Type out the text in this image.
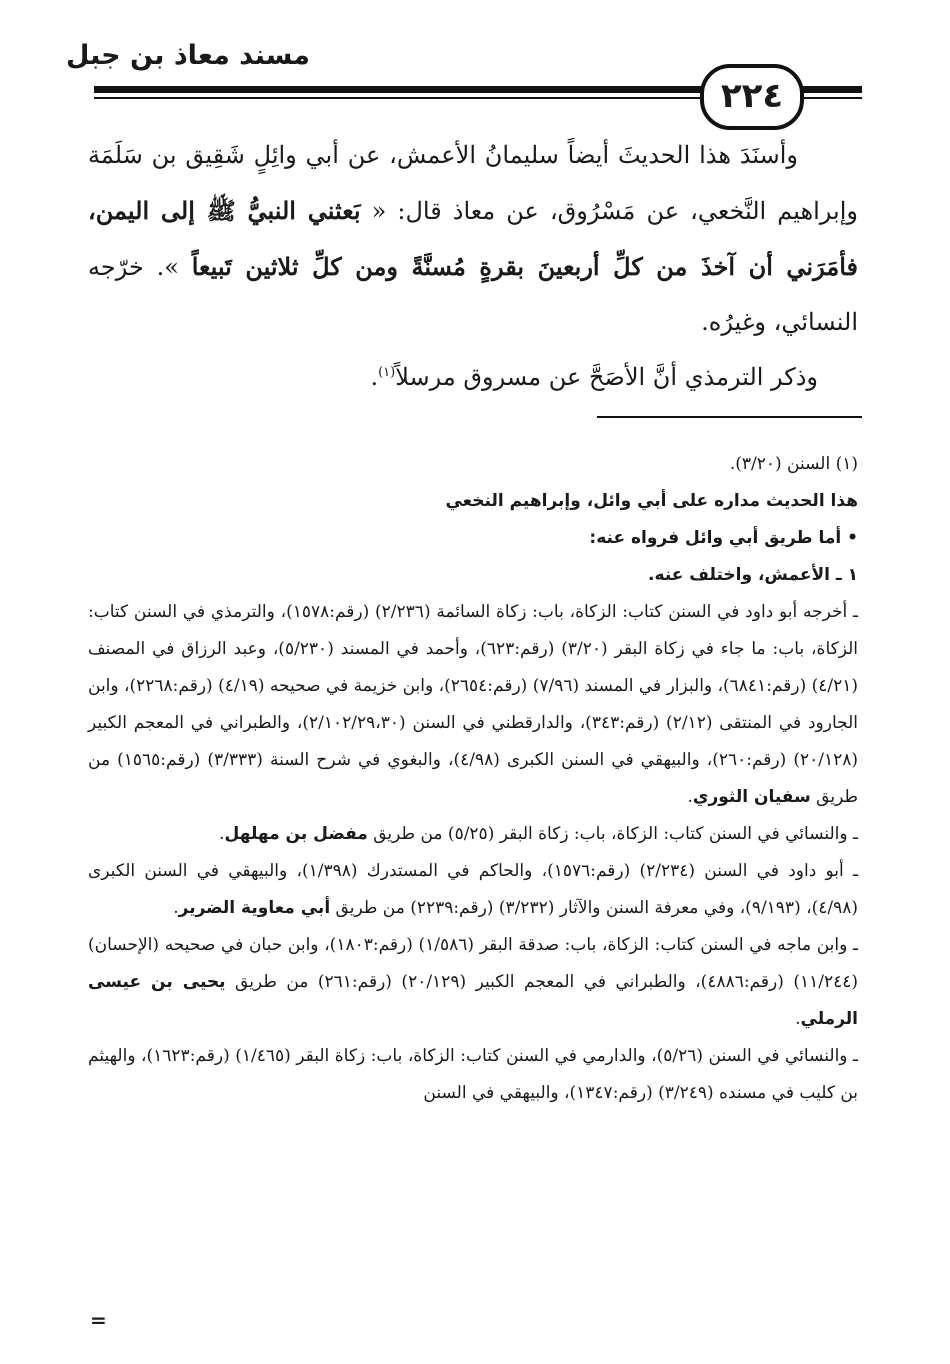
مسند معاذ بن جبل
٢٢٤

وأسنَدَ هذا الحديثَ أيضاً سليمانُ الأعمش، عن أبي وائِلٍ شَقِيق بن سَلَمَة وإبراهيم النَّخعي، عن مَسْرُوق، عن معاذ قال: « بَعثني النبيُّ ﷺ إلى اليمن، فأمَرَني أن آخذَ من كلِّ أربعينَ بقرةٍ مُسنَّةً ومن كلِّ ثلاثين تَبيعاً ». خرّجه النسائي، وغيرُه.

وذكر الترمذي أنَّ الأصَحَّ عن مسروق مرسلاً$^{(١)}$.

(١) السنن (٣/٢٠).

هذا الحديث مداره على أبي وائل، وإبراهيم النخعي

• أما طريق أبي وائل فرواه عنه:

١ ـ الأعمش، واختلف عنه.

ـ أخرجه أبو داود في السنن كتاب: الزكاة، باب: زكاة السائمة (٢/٢٣٦) (رقم:١٥٧٨)، والترمذي في السنن كتاب: الزكاة، باب: ما جاء في زكاة البقر (٣/٢٠) (رقم:٦٢٣)، وأحمد في المسند (٥/٢٣٠)، وعبد الرزاق في المصنف (٤/٢١) (رقم:٦٨٤١)، والبزار في المسند (٧/٩٦) (رقم:٢٦٥٤)، وابن خزيمة في صحيحه (٤/١٩) (رقم:٢٢٦٨)، وابن الجارود في المنتقى (٢/١٢) (رقم:٣٤٣)، والدارقطني في السنن (٢/١٠٢/٢٩،٣٠)، والطبراني في المعجم الكبير (٢٠/١٢٨) (رقم:٢٦٠)، والبيهقي في السنن الكبرى (٤/٩٨)، والبغوي في شرح السنة (٣/٣٣٣) (رقم:١٥٦٥) من طريق سفيان الثوري.

ـ والنسائي في السنن كتاب: الزكاة، باب: زكاة البقر (٥/٢٥) من طريق مفضل بن مهلهل.

ـ أبو داود في السنن (٢/٢٣٤) (رقم:١٥٧٦)، والحاكم في المستدرك (١/٣٩٨)، والبيهقي في السنن الكبرى (٤/٩٨)، (٩/١٩٣)، وفي معرفة السنن والآثار (٣/٢٣٢) (رقم:٢٢٣٩) من طريق أبي معاوية الضرير.

ـ وابن ماجه في السنن كتاب: الزكاة، باب: صدقة البقر (١/٥٨٦) (رقم:١٨٠٣)، وابن حبان في صحيحه (الإحسان) (١١/٢٤٤) (رقم:٤٨٨٦)، والطبراني في المعجم الكبير (٢٠/١٢٩) (رقم:٢٦١) من طريق يحيى بن عيسى الرملي.

ـ والنسائي في السنن (٥/٢٦)، والدارمي في السنن كتاب: الزكاة، باب: زكاة البقر (١/٤٦٥) (رقم:١٦٢٣)، والهيثم بن كليب في مسنده (٣/٢٤٩) (رقم:١٣٤٧)، والبيهقي في السنن

=
